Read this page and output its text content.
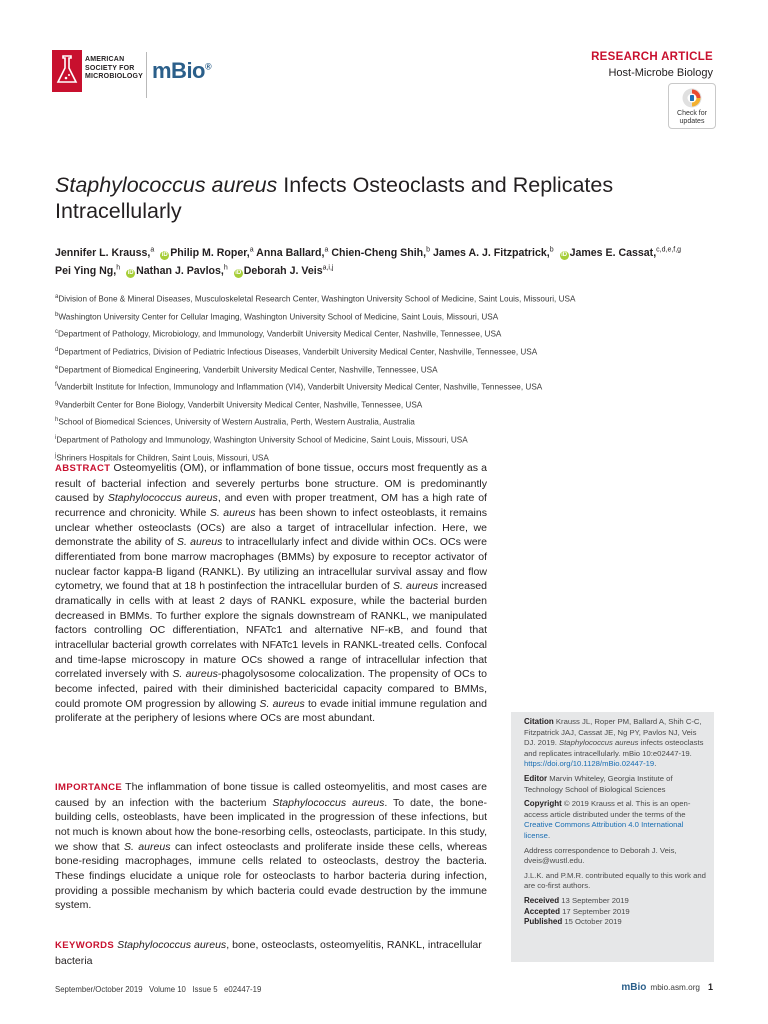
AMERICAN
SOCIETY FOR
MICROBIOLOGY mBio®
RESEARCH ARTICLE
Host-Microbe Biology
Check for
updates
Staphylococcus aureus Infects Osteoclasts and Replicates Intracellularly
Jennifer L. Krauss,$^a$ iD Philip M. Roper,$^a$ Anna Ballard,$^a$ Chien-Cheng Shih,$^b$ James A. J. Fitzpatrick,$^b$ iD James E. Cassat,$^{c,d,e,f,g}$
Pei Ying Ng,$^h$ iD Nathan J. Pavlos,$^h$ iD Deborah J. Veis$^{a,i,j}$
$^a$Division of Bone & Mineral Diseases, Musculoskeletal Research Center, Washington University School of Medicine, Saint Louis, Missouri, USA
$^b$Washington University Center for Cellular Imaging, Washington University School of Medicine, Saint Louis, Missouri, USA
$^c$Department of Pathology, Microbiology, and Immunology, Vanderbilt University Medical Center, Nashville, Tennessee, USA
$^d$Department of Pediatrics, Division of Pediatric Infectious Diseases, Vanderbilt University Medical Center, Nashville, Tennessee, USA
$^e$Department of Biomedical Engineering, Vanderbilt University Medical Center, Nashville, Tennessee, USA
$^f$Vanderbilt Institute for Infection, Immunology and Inflammation (VI4), Vanderbilt University Medical Center, Nashville, Tennessee, USA
$^g$Vanderbilt Center for Bone Biology, Vanderbilt University Medical Center, Nashville, Tennessee, USA
$^h$School of Biomedical Sciences, University of Western Australia, Perth, Western Australia, Australia
$^i$Department of Pathology and Immunology, Washington University School of Medicine, Saint Louis, Missouri, USA
$^j$Shriners Hospitals for Children, Saint Louis, Missouri, USA
ABSTRACT Osteomyelitis (OM), or inflammation of bone tissue, occurs most frequently as a result of bacterial infection and severely perturbs bone structure. OM is predominantly caused by Staphylococcus aureus, and even with proper treatment, OM has a high rate of recurrence and chronicity. While S. aureus has been shown to infect osteoblasts, it remains unclear whether osteoclasts (OCs) are also a target of intracellular infection. Here, we demonstrate the ability of S. aureus to intracellularly infect and divide within OCs. OCs were differentiated from bone marrow macrophages (BMMs) by exposure to receptor activator of nuclear factor kappa-B ligand (RANKL). By utilizing an intracellular survival assay and flow cytometry, we found that at 18 h postinfection the intracellular burden of S. aureus increased dramatically in cells with at least 2 days of RANKL exposure, while the bacterial burden decreased in BMMs. To further explore the signals downstream of RANKL, we manipulated factors controlling OC differentiation, NFATc1 and alternative NF-κB, and found that intracellular bacterial growth correlates with NFATc1 levels in RANKL-treated cells. Confocal and time-lapse microscopy in mature OCs showed a range of intracellular infection that correlated inversely with S. aureus-phagolysosome colocalization. The propensity of OCs to become infected, paired with their diminished bactericidal capacity compared to BMMs, could promote OM progression by allowing S. aureus to evade initial immune regulation and proliferate at the periphery of lesions where OCs are most abundant.
IMPORTANCE The inflammation of bone tissue is called osteomyelitis, and most cases are caused by an infection with the bacterium Staphylococcus aureus. To date, the bone-building cells, osteoblasts, have been implicated in the progression of these infections, but not much is known about how the bone-resorbing cells, osteoclasts, participate. In this study, we show that S. aureus can infect osteoclasts and proliferate inside these cells, whereas bone-residing macrophages, immune cells related to osteoclasts, destroy the bacteria. These findings elucidate a unique role for osteoclasts to harbor bacteria during infection, providing a possible mechanism by which bacteria could evade destruction by the immune system.
KEYWORDS Staphylococcus aureus, bone, osteoclasts, osteomyelitis, RANKL, intracellular bacteria

Citation Krauss JL, Roper PM, Ballard A, Shih C-C, Fitzpatrick JAJ, Cassat JE, Ng PY, Pavlos NJ, Veis DJ. 2019. Staphylococcus aureus infects osteoclasts and replicates intracellularly. mBio 10:e02447-19. https://doi.org/10.1128/mBio.02447-19.

Editor Marvin Whiteley, Georgia Institute of Technology School of Biological Sciences

Copyright © 2019 Krauss et al. This is an open-access article distributed under the terms of the Creative Commons Attribution 4.0 International license.

Address correspondence to Deborah J. Veis, dveis@wustl.edu.

J.L.K. and P.M.R. contributed equally to this work and are co-first authors.

Received 13 September 2019
Accepted 17 September 2019
Published 15 October 2019
September/October 2019   Volume 10   Issue 5   e02447-19	mBio mbio.asm.org 1
